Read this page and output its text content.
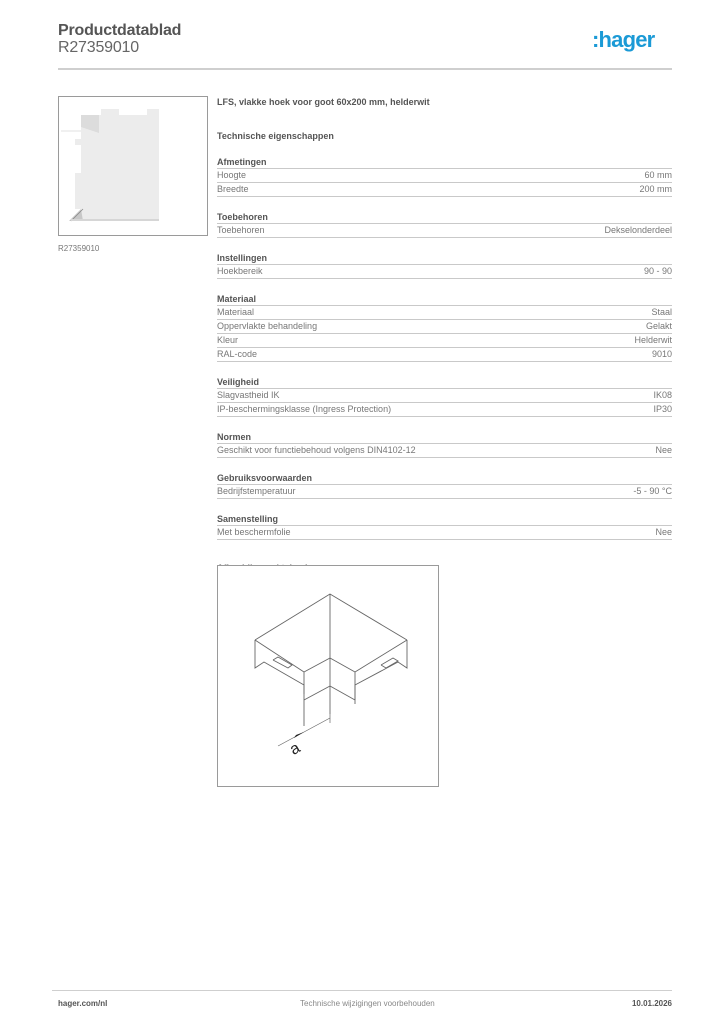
Productdatablad
R27359010	:hager
R27359010
LFS, vlakke hoek voor goot 60x200 mm, helderwit
Technische eigenschappen
Afmetingen
Hoogte	60 mm
Breedte	200 mm
Toebehoren
Toebehoren	Dekselonderdeel
Instellingen
Hoekbereik	90 - 90
Materiaal
Materiaal	Staal
Oppervlakte behandeling	Gelakt
Kleur	Helderwit
RAL-code	9010
Veiligheid
Slagvastheid IK	IK08
IP-beschermingsklasse (Ingress Protection)	IP30
Normen
Geschikt voor functiebehoud volgens DIN4102-12	Nee
Gebruiksvoorwaarden
Bedrijfstemperatuur	-5 - 90 °C
Samenstelling
Met beschermfolie	Nee
a
hager.com/nl	Technische wijzigingen voorbehouden	10.01.2026
